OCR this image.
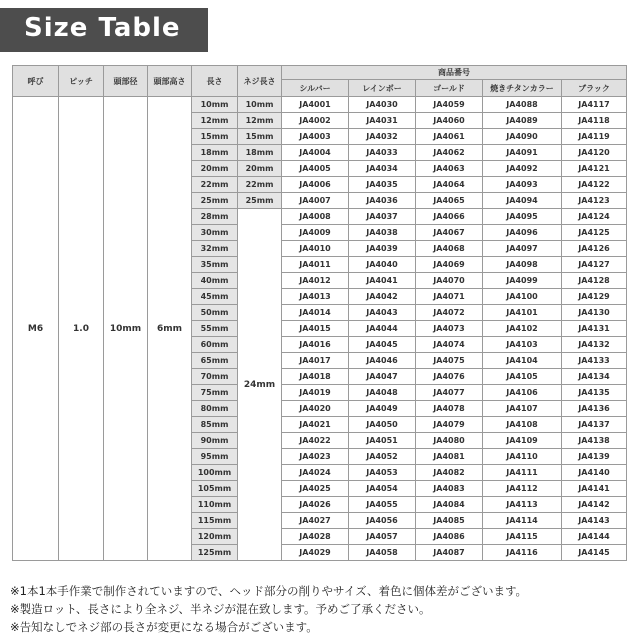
Size Table
呼び	ピッチ	頭部径	頭部高さ	長さ	ネジ長さ	商品番号				
						シルバー	レインボー	ゴールド	焼きチタンカラー	ブラック
M6	1.0	10mm	6mm	10mm	10mm	JA4001	JA4030	JA4059	JA4088	JA4117
				12mm	12mm	JA4002	JA4031	JA4060	JA4089	JA4118
				15mm	15mm	JA4003	JA4032	JA4061	JA4090	JA4119
				18mm	18mm	JA4004	JA4033	JA4062	JA4091	JA4120
				20mm	20mm	JA4005	JA4034	JA4063	JA4092	JA4121
				22mm	22mm	JA4006	JA4035	JA4064	JA4093	JA4122
				25mm	25mm	JA4007	JA4036	JA4065	JA4094	JA4123
				28mm	24mm	JA4008	JA4037	JA4066	JA4095	JA4124
				30mm		JA4009	JA4038	JA4067	JA4096	JA4125
				32mm		JA4010	JA4039	JA4068	JA4097	JA4126
				35mm		JA4011	JA4040	JA4069	JA4098	JA4127
				40mm		JA4012	JA4041	JA4070	JA4099	JA4128
				45mm		JA4013	JA4042	JA4071	JA4100	JA4129
				50mm		JA4014	JA4043	JA4072	JA4101	JA4130
				55mm		JA4015	JA4044	JA4073	JA4102	JA4131
				60mm		JA4016	JA4045	JA4074	JA4103	JA4132
				65mm		JA4017	JA4046	JA4075	JA4104	JA4133
				70mm		JA4018	JA4047	JA4076	JA4105	JA4134
				75mm		JA4019	JA4048	JA4077	JA4106	JA4135
				80mm		JA4020	JA4049	JA4078	JA4107	JA4136
				85mm		JA4021	JA4050	JA4079	JA4108	JA4137
				90mm		JA4022	JA4051	JA4080	JA4109	JA4138
				95mm		JA4023	JA4052	JA4081	JA4110	JA4139
				100mm		JA4024	JA4053	JA4082	JA4111	JA4140
				105mm		JA4025	JA4054	JA4083	JA4112	JA4141
				110mm		JA4026	JA4055	JA4084	JA4113	JA4142
				115mm		JA4027	JA4056	JA4085	JA4114	JA4143
				120mm		JA4028	JA4057	JA4086	JA4115	JA4144
				125mm		JA4029	JA4058	JA4087	JA4116	JA4145
※1本1本手作業で制作されていますので、ヘッド部分の削りやサイズ、着色に個体差がございます。
※製造ロット、長さにより全ネジ、半ネジが混在致します。予めご了承ください。
※告知なしでネジ部の長さが変更になる場合がございます。
